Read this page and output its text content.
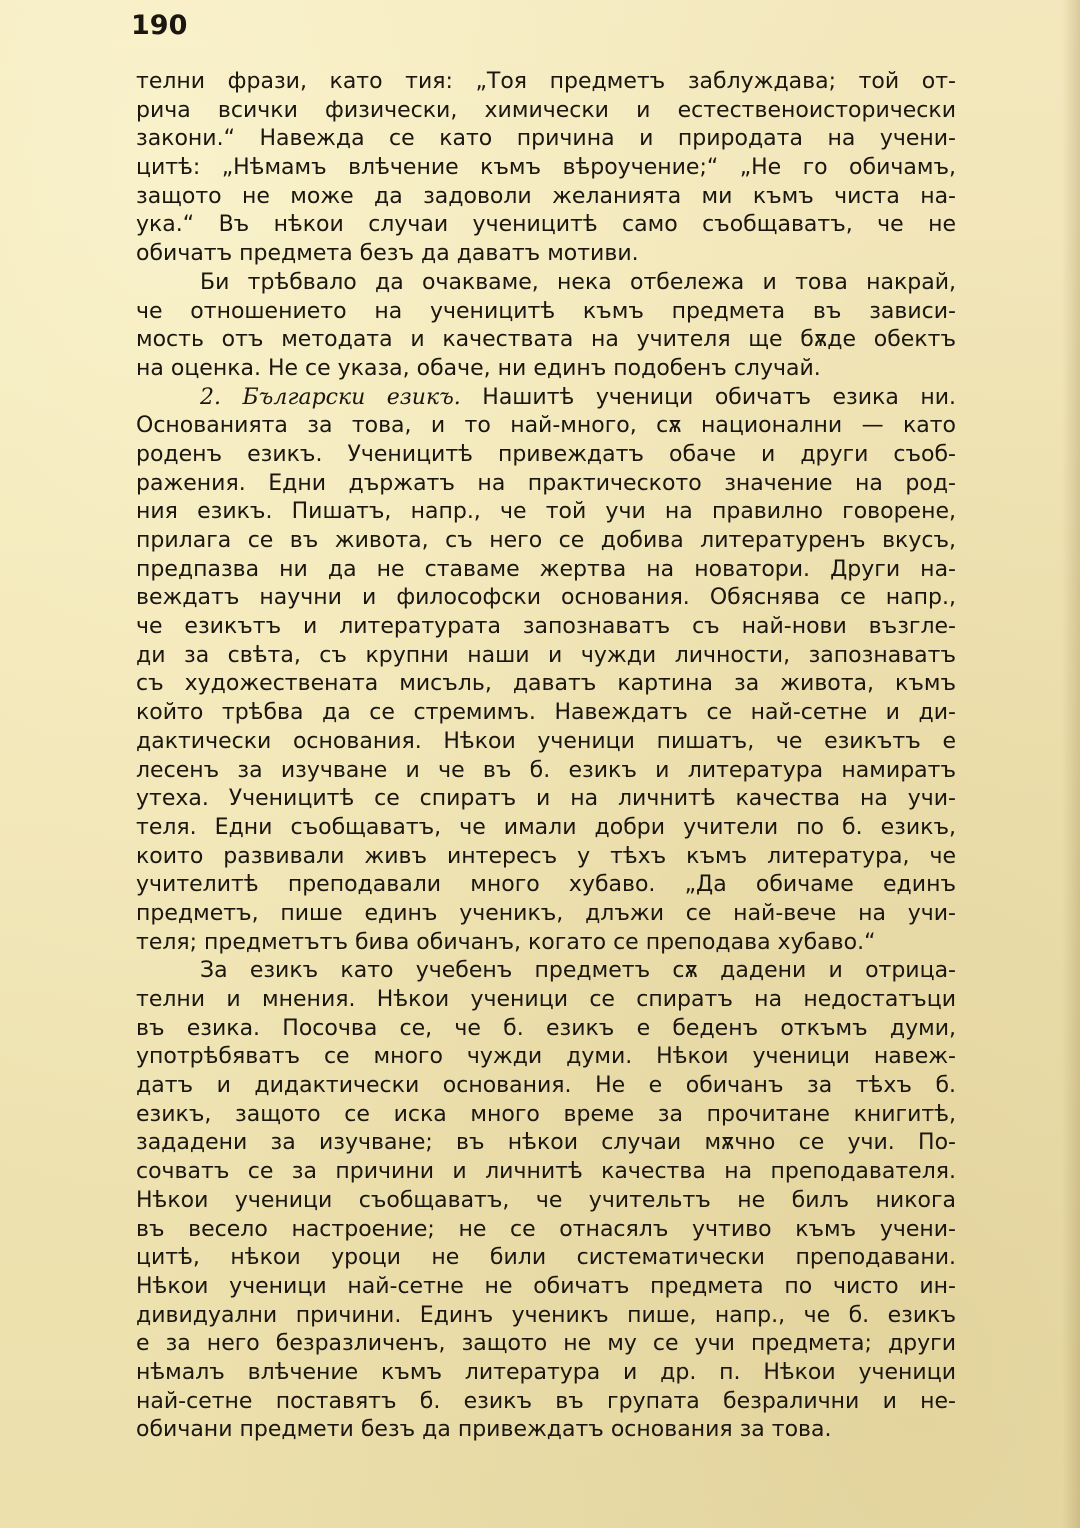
190
телни фрази, като тия: „Тоя предметъ заблуждава; той от-
рича всички физически, химически и естественоисторически
закони.“ Навежда се като причина и природата на учени-
цитѣ: „Нѣмамъ влѣчение къмъ вѣроучение;“ „Не го обичамъ,
защото не може да задоволи желанията ми къмъ чиста на-
ука.“ Въ нѣкои случаи ученицитѣ само съобщаватъ, че не
обичатъ предмета безъ да даватъ мотиви.
Би трѣбвало да очакваме, нека отбележа и това накрай,
че отношението на ученицитѣ къмъ предмета въ зависи-
мость отъ методата и качествата на учителя ще бѫде обектъ
на оценка. Не се указа, обаче, ни единъ подобенъ случай.
2. Български езикъ. Нашитѣ ученици обичатъ езика ни.
Основанията за това, и то най-много, сѫ национални — като
роденъ езикъ. Ученицитѣ привеждатъ обаче и други съоб-
ражения. Едни държатъ на практическото значение на род-
ния езикъ. Пишатъ, напр., че той учи на правилно говорене,
прилага се въ живота, съ него се добива литературенъ вкусъ,
предпазва ни да не ставаме жертва на новатори. Други на-
веждатъ научни и философски основания. Обяснява се напр.,
че езикътъ и литературата запознаватъ съ най-нови възгле-
ди за свѣта, съ крупни наши и чужди личности, запознаватъ
съ художествената мисъль, даватъ картина за живота, къмъ
който трѣбва да се стремимъ. Навеждатъ се най-сетне и ди-
дактически основания. Нѣкои ученици пишатъ, че езикътъ е
лесенъ за изучване и че въ б. езикъ и литература намиратъ
утеха. Ученицитѣ се спиратъ и на личнитѣ качества на учи-
теля. Едни съобщаватъ, че имали добри учители по б. езикъ,
които развивали живъ интересъ у тѣхъ къмъ литература, че
учителитѣ преподавали много хубаво. „Да обичаме единъ
предметъ, пише единъ ученикъ, длъжи се най-вече на учи-
теля; предметътъ бива обичанъ, когато се преподава хубаво.“
За езикъ като учебенъ предметъ сѫ дадени и отрица-
телни и мнения. Нѣкои ученици се спиратъ на недостатъци
въ езика. Посочва се, че б. езикъ е беденъ откъмъ думи,
употрѣбяватъ се много чужди думи. Нѣкои ученици навеж-
датъ и дидактически основания. Не е обичанъ за тѣхъ б.
езикъ, защото се иска много време за прочитане книгитѣ,
зададени за изучване; въ нѣкои случаи мѫчно се учи. По-
сочватъ се за причини и личнитѣ качества на преподавателя.
Нѣкои ученици съобщаватъ, че учительтъ не билъ никога
въ весело настроение; не се отнасялъ учтиво къмъ учени-
цитѣ, нѣкои уроци не били систематически преподавани.
Нѣкои ученици най-сетне не обичатъ предмета по чисто ин-
дивидуални причини. Единъ ученикъ пише, напр., че б. езикъ
е за него безразличенъ, защото не му се учи предмета; други
нѣмалъ влѣчение къмъ литература и др. п. Нѣкои ученици
най-сетне поставятъ б. езикъ въ групата безралични и не-
обичани предмети безъ да привеждатъ основания за това.
